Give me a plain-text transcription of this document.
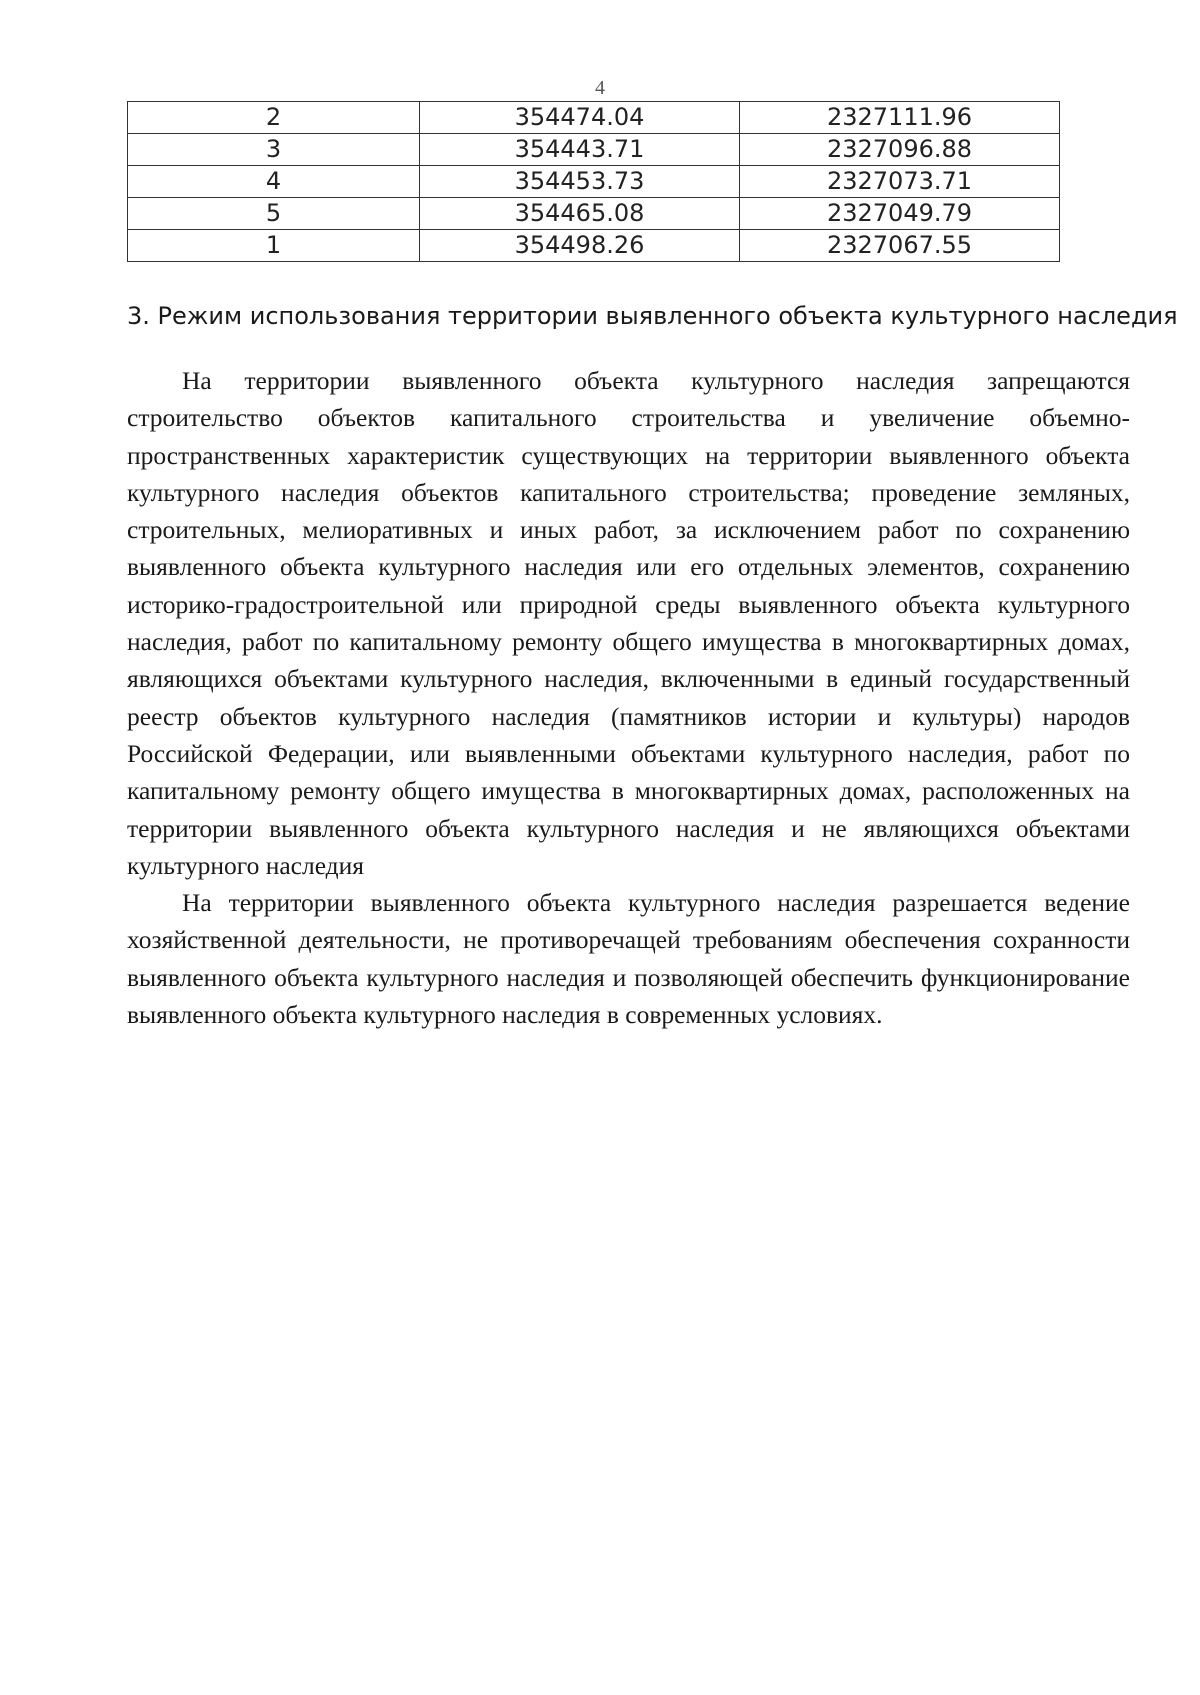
4
2	354474.04	2327111.96
3	354443.71	2327096.88
4	354453.73	2327073.71
5	354465.08	2327049.79
1	354498.26	2327067.55
3. Режим использования территории выявленного объекта культурного наследия

На территории выявленного объекта культурного наследия запрещаются строительство объектов капитального строительства и увеличение объемно-пространственных характеристик существующих на территории выявленного объекта культурного наследия объектов капитального строительства; проведение земляных, строительных, мелиоративных и иных работ, за исключением работ по сохранению выявленного объекта культурного наследия или его отдельных элементов, сохранению историко-градостроительной или природной среды выявленного объекта культурного наследия, работ по капитальному ремонту общего имущества в многоквартирных домах, являющихся объектами культурного наследия, включенными в единый государственный реестр объектов культурного наследия (памятников истории и культуры) народов Российской Федерации, или выявленными объектами культурного наследия, работ по капитальному ремонту общего имущества в многоквартирных домах, расположенных на территории выявленного объекта культурного наследия и не являющихся объектами культурного наследия

На территории выявленного объекта культурного наследия разрешается ведение хозяйственной деятельности, не противоречащей требованиям обеспечения сохранности выявленного объекта культурного наследия и позволяющей обеспечить функционирование выявленного объекта культурного наследия в современных условиях.
